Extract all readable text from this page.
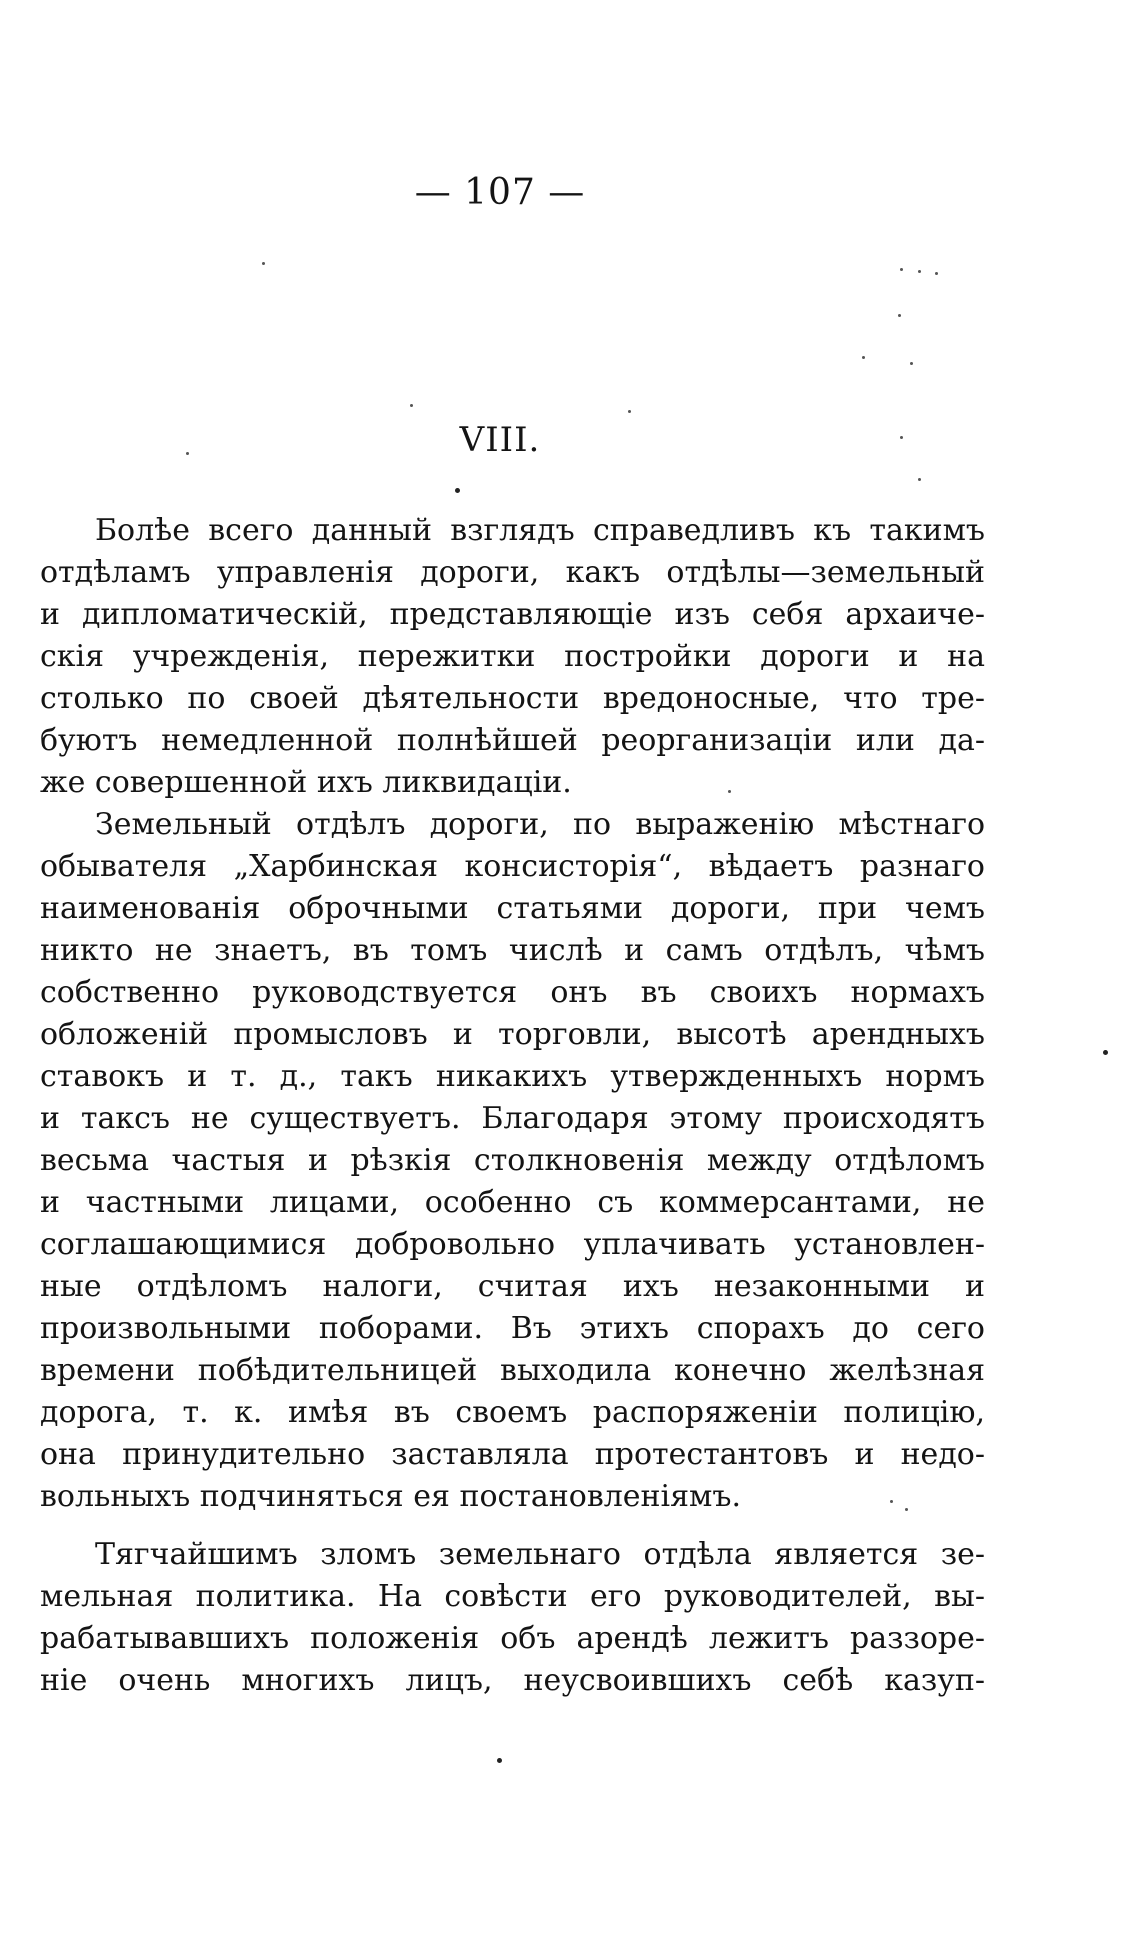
— 107 —
VIII.
Болѣе всего данный взглядъ справедливъ къ такимъ
отдѣламъ управленія дороги, какъ отдѣлы—земельный
и дипломатическій, представляющіе изъ себя архаиче-
скія учрежденія, пережитки постройки дороги и на
столько по своей дѣятельности вредоносные, что тре-
буютъ немедленной полнѣйшей реорганизаціи или да-
же совершенной ихъ ликвидаціи.
Земельный отдѣлъ дороги, по выраженію мѣстнаго
обывателя „Харбинская консисторія“, вѣдаетъ разнаго
наименованія оброчными статьями дороги, при чемъ
никто не знаетъ, въ томъ числѣ и самъ отдѣлъ, чѣмъ
собственно руководствуется онъ въ своихъ нормахъ
обложеній промысловъ и торговли, высотѣ арендныхъ
ставокъ и т. д., такъ никакихъ утвержденныхъ нормъ
и таксъ не существуетъ. Благодаря этому происходятъ
весьма частыя и рѣзкія столкновенія между отдѣломъ
и частными лицами, особенно съ коммерсантами, не
соглашающимися добровольно уплачивать установлен-
ные отдѣломъ налоги, считая ихъ незаконными и
произвольными поборами. Въ этихъ спорахъ до сего
времени побѣдительницей выходила конечно желѣзная
дорога, т. к. имѣя въ своемъ распоряженіи полицію,
она принудительно заставляла протестантовъ и недо-
вольныхъ подчиняться ея постановленіямъ.
Тягчайшимъ зломъ земельнаго отдѣла является зе-
мельная политика. На совѣсти его руководителей, вы-
рабатывавшихъ положенія объ арендѣ лежитъ раззоре-
ніе очень многихъ лицъ, неусвоившихъ себѣ казуп-
